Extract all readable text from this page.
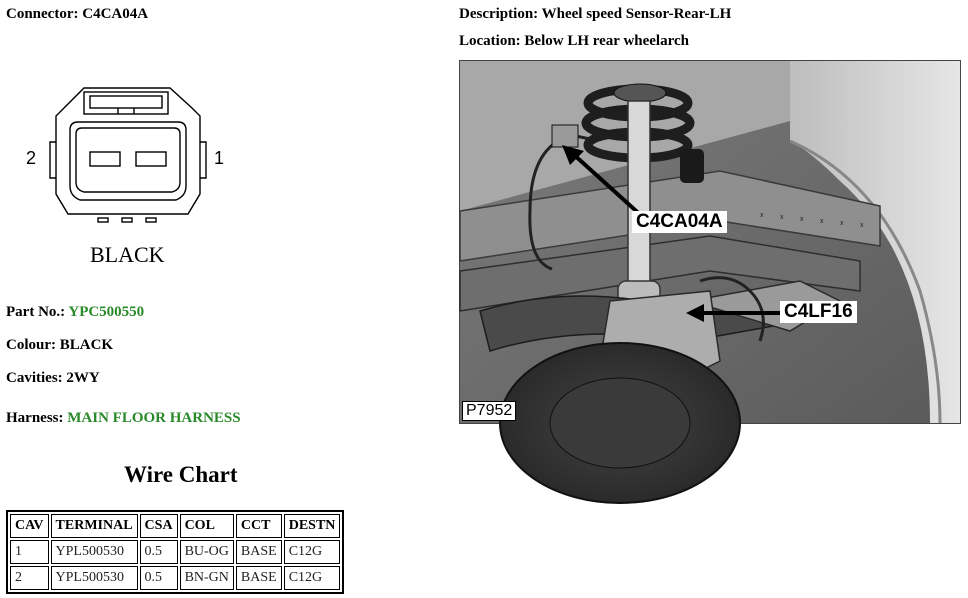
Connector: C4CA04A	Description: Wheel speed Sensor-Rear-LH
Location: Below LH rear wheelarch
2	1
BLACK
Part No.: YPC500550
Colour: BLACK
Cavities: 2WY
Harness: MAIN FLOOR HARNESS
Wire Chart
CAV	TERMINAL	CSA	COL	CCT	DESTN
1	YPL500530	0.5	BU-OG	BASE	C12G
2	YPL500530	0.5	BN-GN	BASE	C12G
x x x x x x
C4CA04A
C4LF16
P7952
